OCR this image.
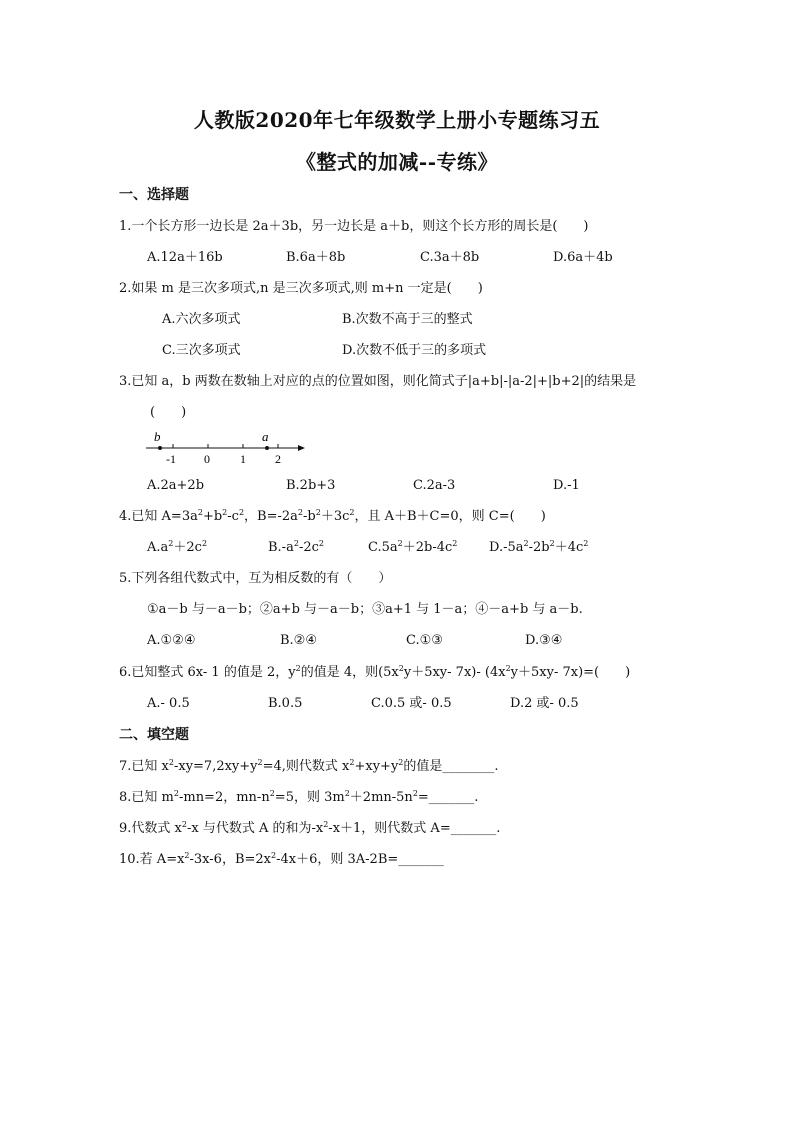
人教版2020年七年级数学上册小专题练习五
《整式的加减--专练》
一、选择题
1.一个长方形一边长是 2a＋3b，另一边长是 a＋b，则这个长方形的周长是(　　)
A.12a＋16b	B.6a＋8b	C.3a＋8b	D.6a＋4b
2.如果 m 是三次多项式,n 是三次多项式,则 m+n 一定是(　　)
A.六次多项式	B.次数不高于三的整式
C.三次多项式	D.次数不低于三的多项式
3.已知 a，b 两数在数轴上对应的点的位置如图，则化简式子|a+b|-|a-2|+|b+2|的结果是
(　　)
b	a
-1 0	1 2
A.2a+2b	B.2b+3	C.2a-3	D.-1
4.已知 $A=3a^2+b^2-c^2$，$B=-2a^2-b^2+3c^2$，且 A＋B＋C=0，则 C=(　　)
$A.a^2+2c^2$	$B.-a^2-2c^2$	$C.5a^2+2b-4c^2$ $D.-5a^2-2b^2+4c^2$
5.下列各组代数式中，互为相反数的有（　　）
①a－b 与－a－b；②a+b 与－a－b；③a+1 与 1－a；④－a+b 与 a－b.
A.①②④	B.②④	C.①③	D.③④
6.已知整式 6x- 1 的值是 2，$y^2$的值是 4，则($5x^2y+5xy-$ 7x)- ($4x^2y+5xy-$ 7x)=(　　)
A.- 0.5	B.0.5	C.0.5 或- 0.5	D.2 或- 0.5
二、填空题
7.已知 $x^2-xy=7,2xy+y^2=4$,则代数式 $x^2+xy+y^2$的值是________.
8.已知 $m^2-mn=2$，$mn-n^2=5$，则 $3m^2+2mn-5n^2=\_\_\_\_\_\_\_$.
9.代数式 $x^2-x$ 与代数式 A 的和为$-x^2-x+1$，则代数式 A=_______.
10.若 $A=x^2-3x-6$，$B=2x^2-4x+6$，则 3A-2B=_______
